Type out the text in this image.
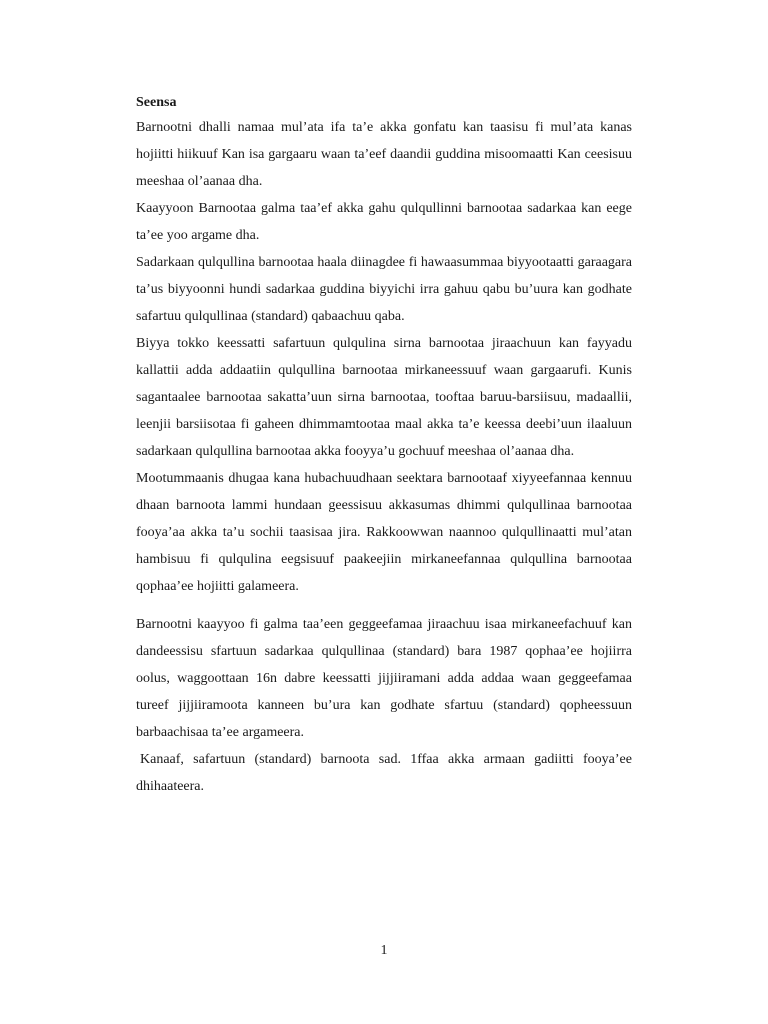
Seensa

Barnootni dhalli namaa mul’ata ifa ta’e akka gonfatu kan taasisu fi mul’ata kanas hojiitti hiikuuf Kan isa gargaaru waan ta’eef daandii guddina misoomaatti Kan ceesisuu meeshaa ol’aanaa dha.

Kaayyoon Barnootaa galma taa’ef akka gahu qulqullinni barnootaa sadarkaa kan eege ta’ee yoo argame dha.

Sadarkaan qulqullina barnootaa haala diinagdee fi hawaasummaa biyyootaatti garaagara ta’us biyyoonni hundi sadarkaa guddina biyyichi irra gahuu qabu bu’uura kan godhate safartuu qulqullinaa (standard) qabaachuu qaba.

Biyya tokko keessatti safartuun qulqulina sirna barnootaa jiraachuun kan fayyadu kallattii adda addaatiin qulqullina barnootaa mirkaneessuuf waan gargaarufi. Kunis sagantaalee barnootaa sakatta’uun sirna barnootaa, tooftaa baruu-barsiisuu, madaallii, leenjii barsiisotaa fi gaheen dhimmamtootaa maal akka ta’e keessa deebi’uun ilaaluun sadarkaan qulqullina barnootaa akka fooyya’u gochuuf meeshaa ol’aanaa dha.

Mootummaanis dhugaa kana hubachuudhaan seektara barnootaaf xiyyeefannaa kennuu dhaan barnoota lammi hundaan geessisuu akkasumas dhimmi qulqullinaa barnootaa fooya’aa akka ta’u sochii taasisaa jira. Rakkoowwan naannoo qulqullinaatti mul’atan hambisuu fi qulqulina eegsisuuf paakeejiin mirkaneefannaa qulqullina barnootaa qophaa’ee hojiitti galameera.

Barnootni kaayyoo fi galma taa’een geggeefamaa jiraachuu isaa mirkaneefachuuf kan dandeessisu sfartuun sadarkaa qulqullinaa (standard) bara 1987 qophaa’ee hojiirra oolus, waggoottaan 16n dabre keessatti jijjiiramani adda addaa waan geggeefamaa tureef jijjiiramoota kanneen bu’ura kan godhate sfartuu (standard) qopheessuun barbaachisaa ta’ee argameera.

Kanaaf, safartuun (standard) barnoota sad. 1ffaa akka armaan gadiitti fooya’ee dhihaateera.

1
